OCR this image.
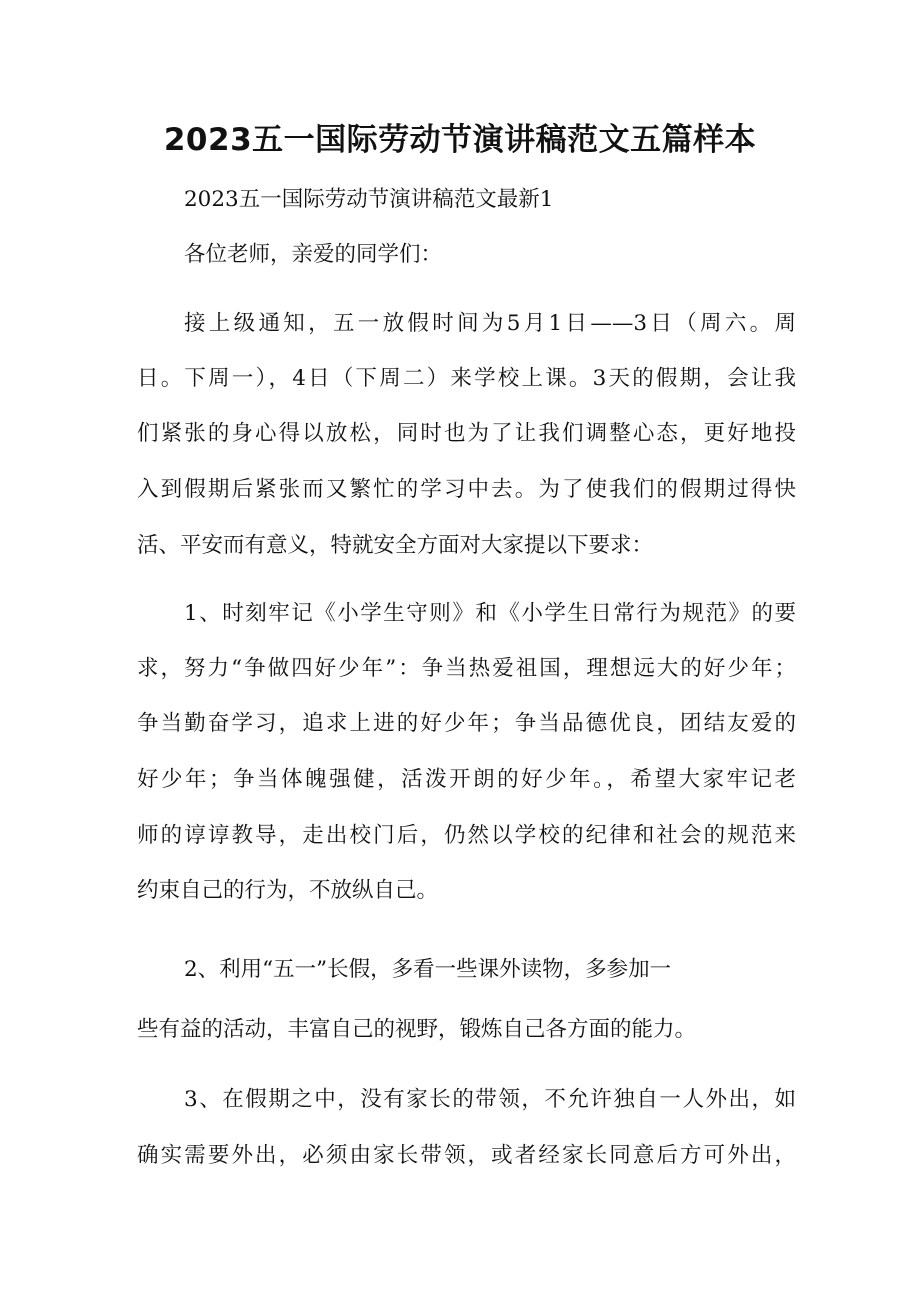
2023五一国际劳动节演讲稿范文五篇样本

2023五一国际劳动节演讲稿范文最新1

各位老师，亲爱的同学们：

接上级通知，五一放假时间为5月1日——3日（周六。周

日。下周一），4日（下周二）来学校上课。3天的假期，会让我

们紧张的身心得以放松，同时也为了让我们调整心态，更好地投

入到假期后紧张而又繁忙的学习中去。为了使我们的假期过得快

活、平安而有意义，特就安全方面对大家提以下要求：

1、时刻牢记《小学生守则》和《小学生日常行为规范》的要

求，努力“争做四好少年”：争当热爱祖国，理想远大的好少年；

争当勤奋学习，追求上进的好少年；争当品德优良，团结友爱的

好少年；争当体魄强健，活泼开朗的好少年。，希望大家牢记老

师的谆谆教导，走出校门后，仍然以学校的纪律和社会的规范来

约束自己的行为，不放纵自己。

2、利用“五一”长假，多看一些课外读物，多参加一

些有益的活动，丰富自己的视野，锻炼自己各方面的能力。

3、在假期之中，没有家长的带领，不允许独自一人外出，如

确实需要外出，必须由家长带领，或者经家长同意后方可外出，
